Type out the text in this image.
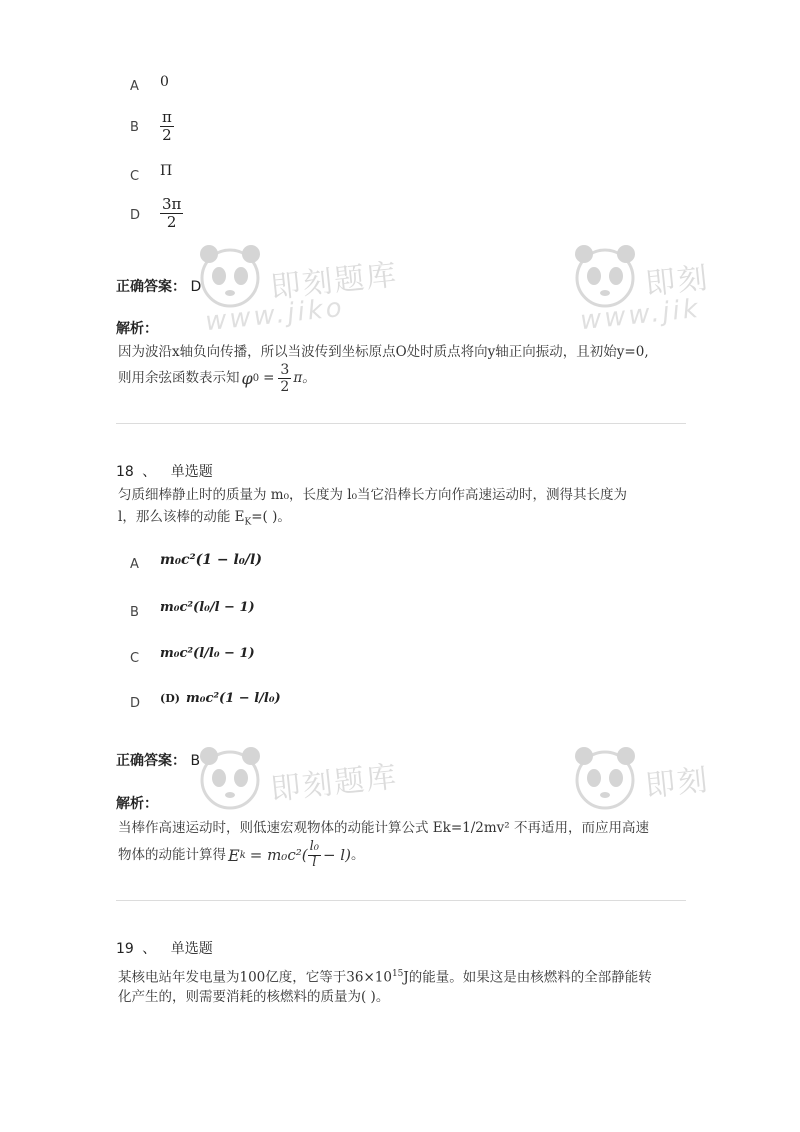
A 0
B $\frac{\pi}{2}$
C Π
D $\frac{3\pi}{2}$
正确答案： D
解析：
因为波沿x轴负向传播，所以当波传到坐标原点O处时质点将向y轴正向振动，且初始y=0,
则用余弦函数表示知 φ $0 = \frac{3}{2}$ π。
18 、 单选题
匀质细棒静止时的质量为 m₀，长度为 l₀当它沿棒长方向作高速运动时，测得其长度为
l，那么该棒的动能 $E_K=$( )。
A m₀c²(1 − l₀/l)
B m₀c²(l₀/l − 1)
C m₀c²(l/l₀ − 1)
D (D) m₀c²(1 − l/l₀)
正确答案： B
解析：
当棒作高速运动时，则低速宏观物体的动能计算公式 Ek=1/2mv² 不再适用，而应用高速
物体的动能计算得 E $k = m_0c^2( \frac{\text{l₀}}{l} - l)$ 。
19 、 单选题
某核电站年发电量为100亿度，它等于$36\times 10^{15}J$的能量。如果这是由核燃料的全部静能转
化产生的，则需要消耗的核燃料的质量为( )。
即刻题库
www.jiko
即刻
www.jik
即刻题库	即刻
